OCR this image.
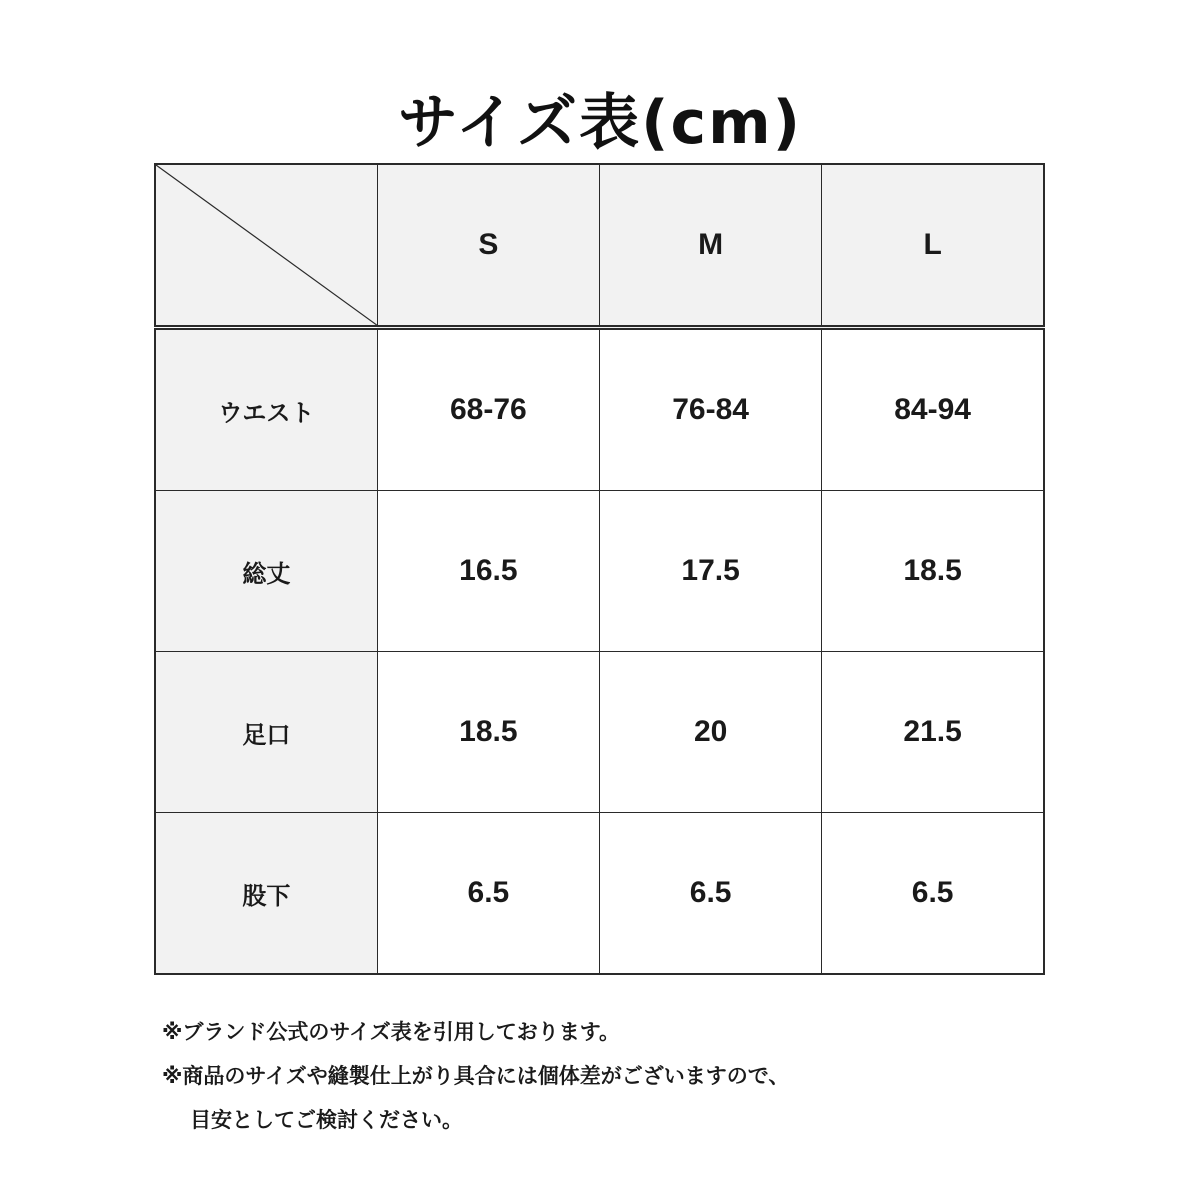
サイズ表(cm)
	S	M	L
ウエスト	68-76	76-84	84-94
総丈	16.5	17.5	18.5
足口	18.5	20	21.5
股下	6.5	6.5	6.5

※ブランド公式のサイズ表を引用しております。

※商品のサイズや縫製仕上がり具合には個体差がございますので、

目安としてご検討ください。
